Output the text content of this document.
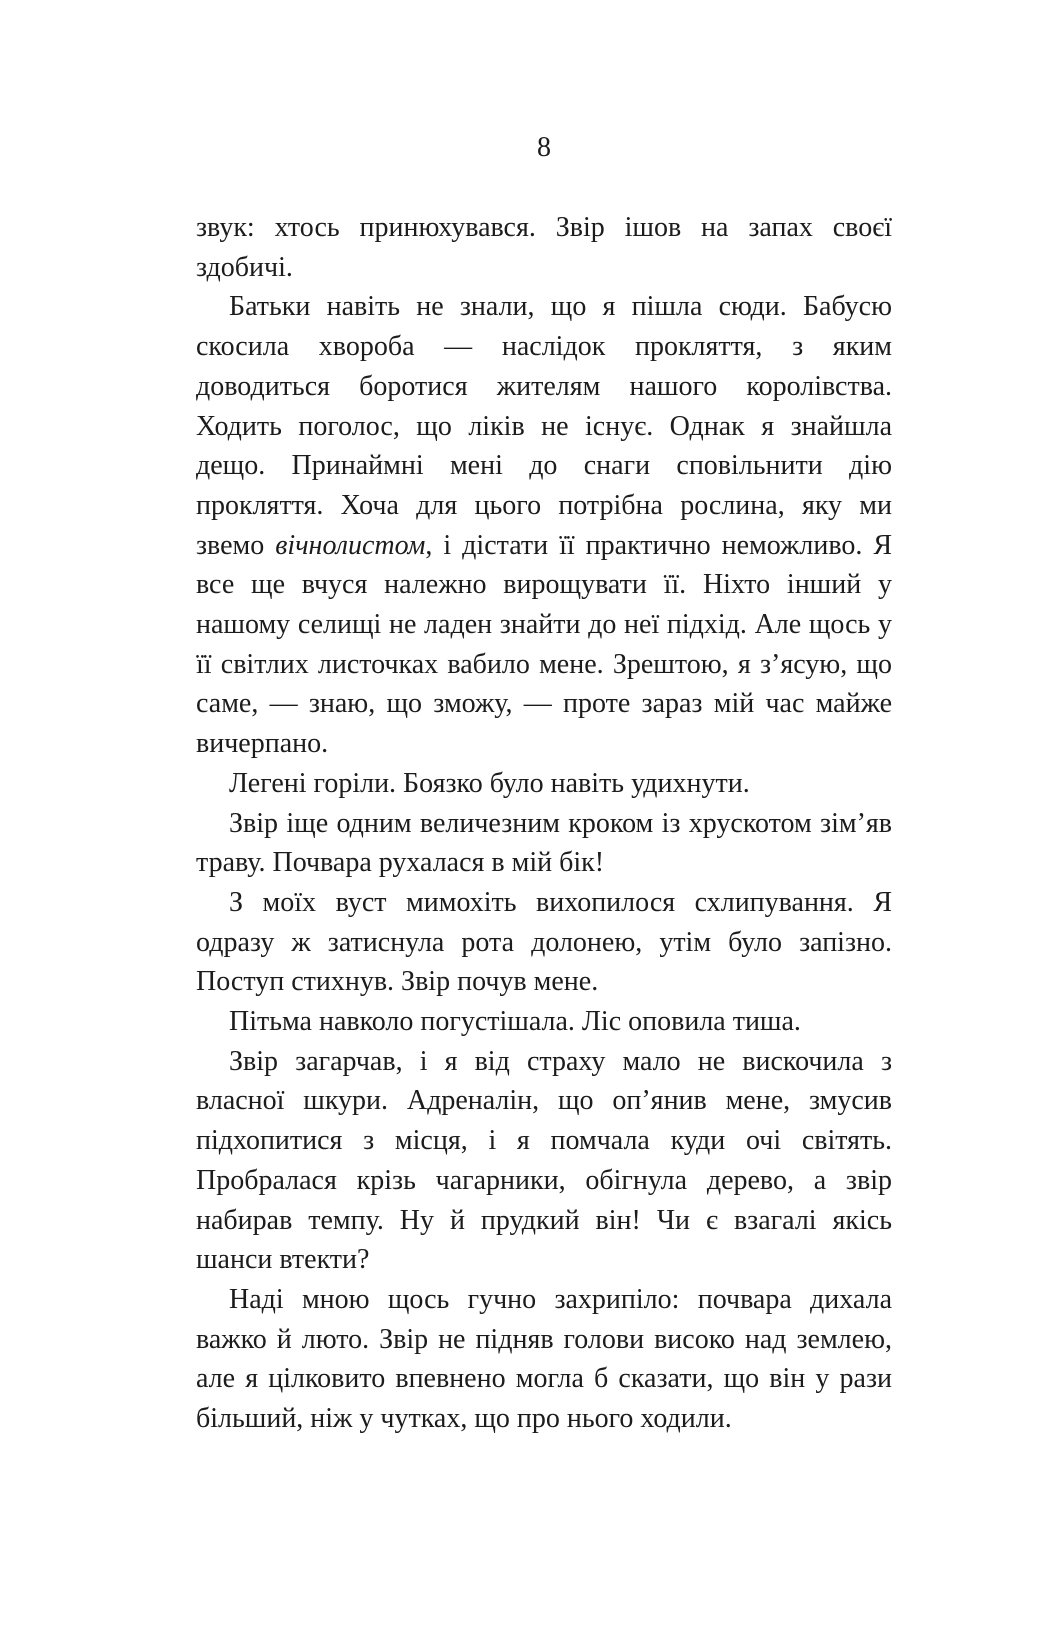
8

звук: хтось принюхувався. Звір ішов на запах своєї здобичі.

Батьки навіть не знали, що я пішла сюди. Бабусю скосила хвороба — наслідок прокляття, з яким доводиться боротися жителям нашого королівства. Ходить поголос, що ліків не існує. Однак я знайшла дещо. Принаймні мені до снаги сповільнити дію прокляття. Хоча для цього потрібна рослина, яку ми звемо вічнолистом, і дістати її практично неможливо. Я все ще вчуся належно вирощувати її. Ніхто інший у нашому селищі не ладен знайти до неї підхід. Але щось у її світлих листочках вабило мене. Зрештою, я з’ясую, що саме, — знаю, що зможу, — проте зараз мій час майже вичерпано.

Легені горіли. Боязко було навіть удихнути.

Звір іще одним величезним кроком із хрускотом зім’яв траву. Почвара рухалася в мій бік!

З моїх вуст мимохіть вихопилося схлипування. Я одразу ж затиснула рота долонею, утім було запізно. Поступ стихнув. Звір почув мене.

Пітьма навколо погустішала. Ліс оповила тиша.

Звір загарчав, і я від страху мало не вискочила з власної шкури. Адреналін, що оп’янив мене, змусив підхопитися з місця, і я помчала куди очі світять. Пробралася крізь чагарники, обігнула дерево, а звір набирав темпу. Ну й прудкий він! Чи є взагалі якісь шанси втекти?

Наді мною щось гучно захрипіло: почвара дихала важко й люто. Звір не підняв голови високо над землею, але я цілковито впевнено могла б сказати, що він у рази більший, ніж у чутках, що про нього ходили.
